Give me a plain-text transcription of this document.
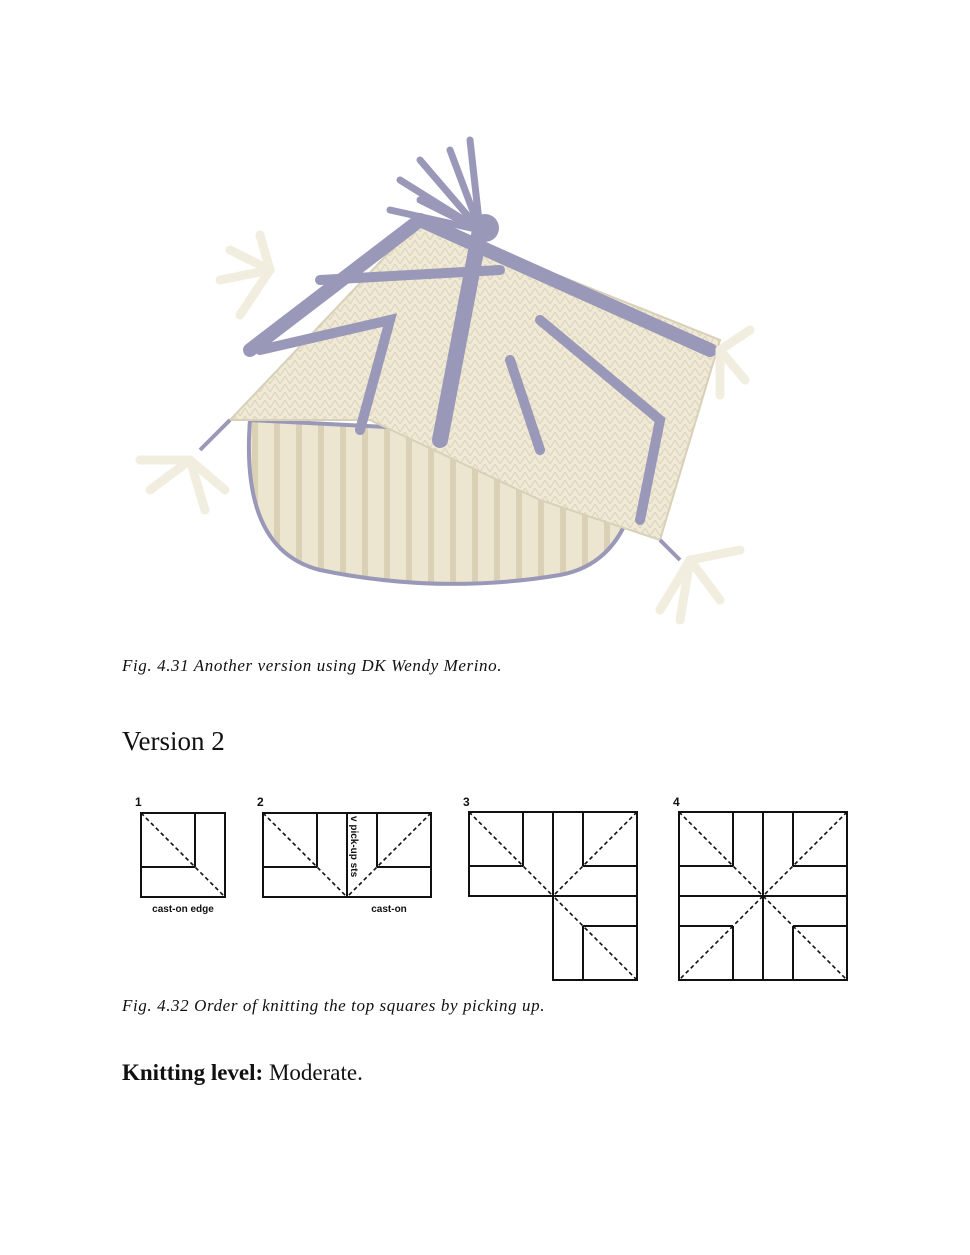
Fig. 4.31 Another version using DK Wendy Merino.
Version 2
1	2	3	4
cast-on edge	cast-on
v pick-up sts
Fig. 4.32 Order of knitting the top squares by picking up.
Knitting level: Moderate.
